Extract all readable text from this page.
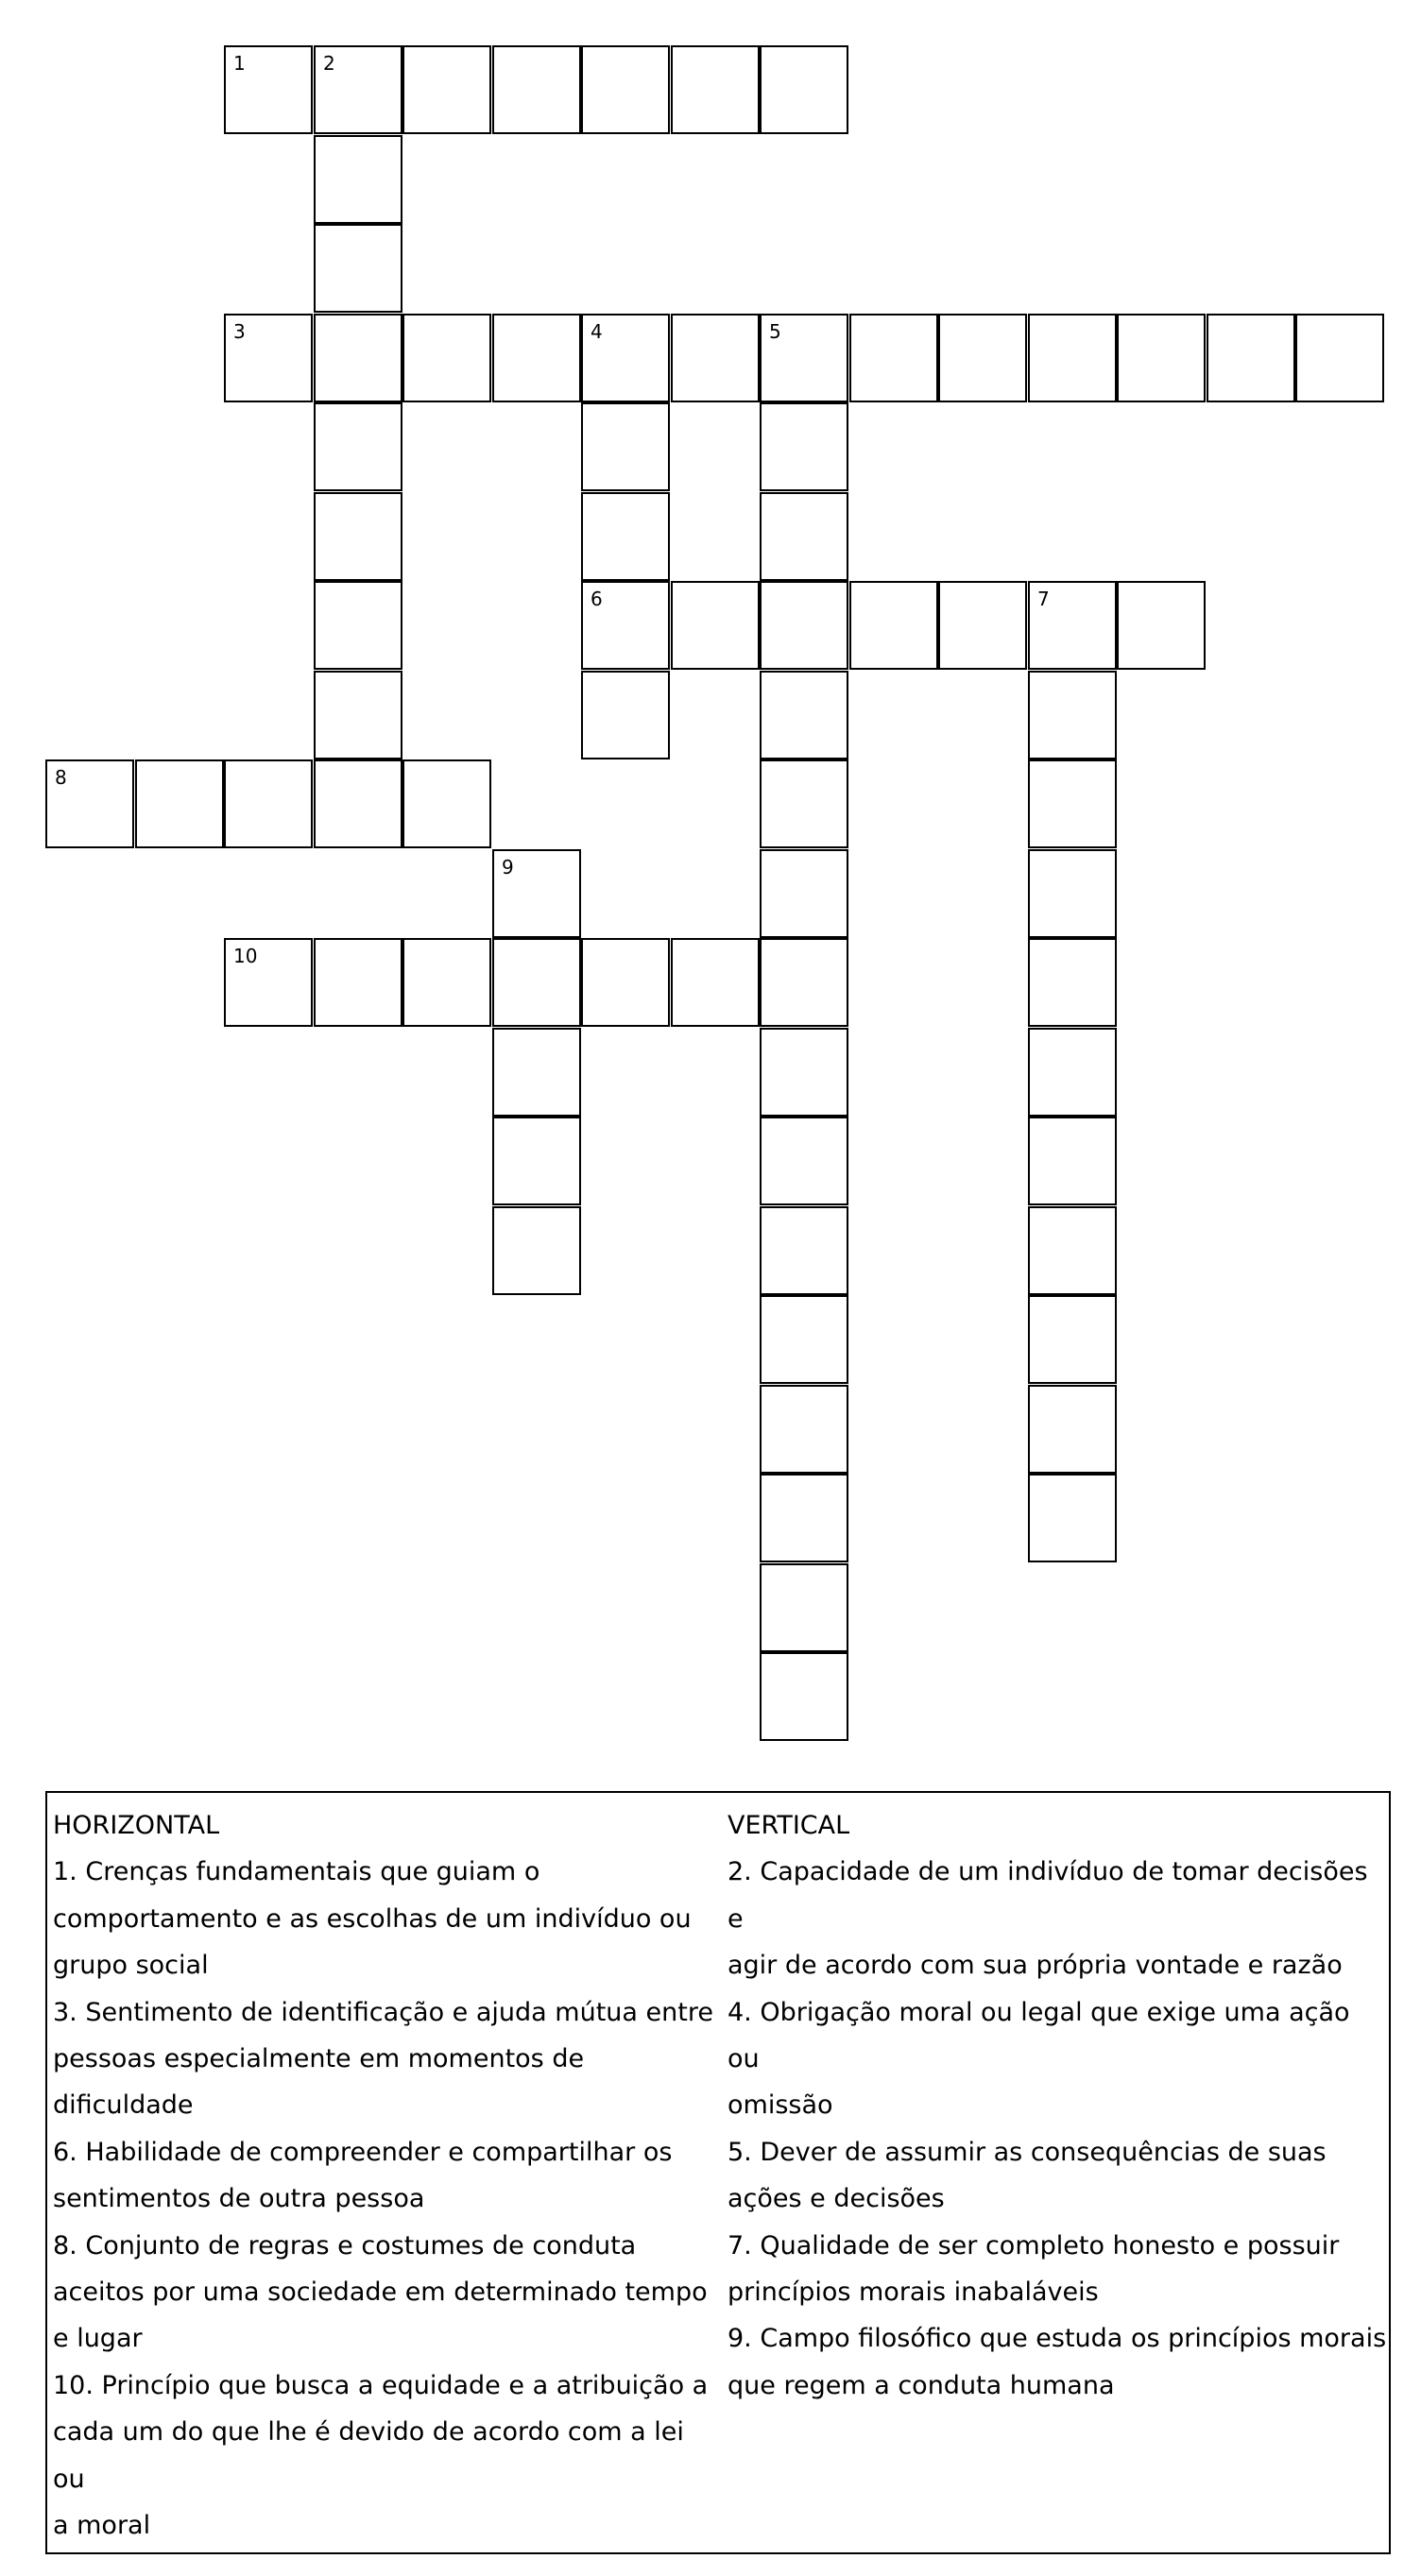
1	2
3	4	5
6	7
8
10
9

HORIZONTAL

1. Crenças fundamentais que guiam o

comportamento e as escolhas de um indivíduo ou

grupo social

3. Sentimento de identificação e ajuda mútua entre

pessoas especialmente em momentos de

dificuldade

6. Habilidade de compreender e compartilhar os

sentimentos de outra pessoa

8. Conjunto de regras e costumes de conduta

aceitos por uma sociedade em determinado tempo

e lugar

10. Princípio que busca a equidade e a atribuição a

cada um do que lhe é devido de acordo com a lei ou

a moral

VERTICAL

2. Capacidade de um indivíduo de tomar decisões e

agir de acordo com sua própria vontade e razão

4. Obrigação moral ou legal que exige uma ação ou

omissão

5. Dever de assumir as consequências de suas

ações e decisões

7. Qualidade de ser completo honesto e possuir

princípios morais inabaláveis

9. Campo filosófico que estuda os princípios morais

que regem a conduta humana
